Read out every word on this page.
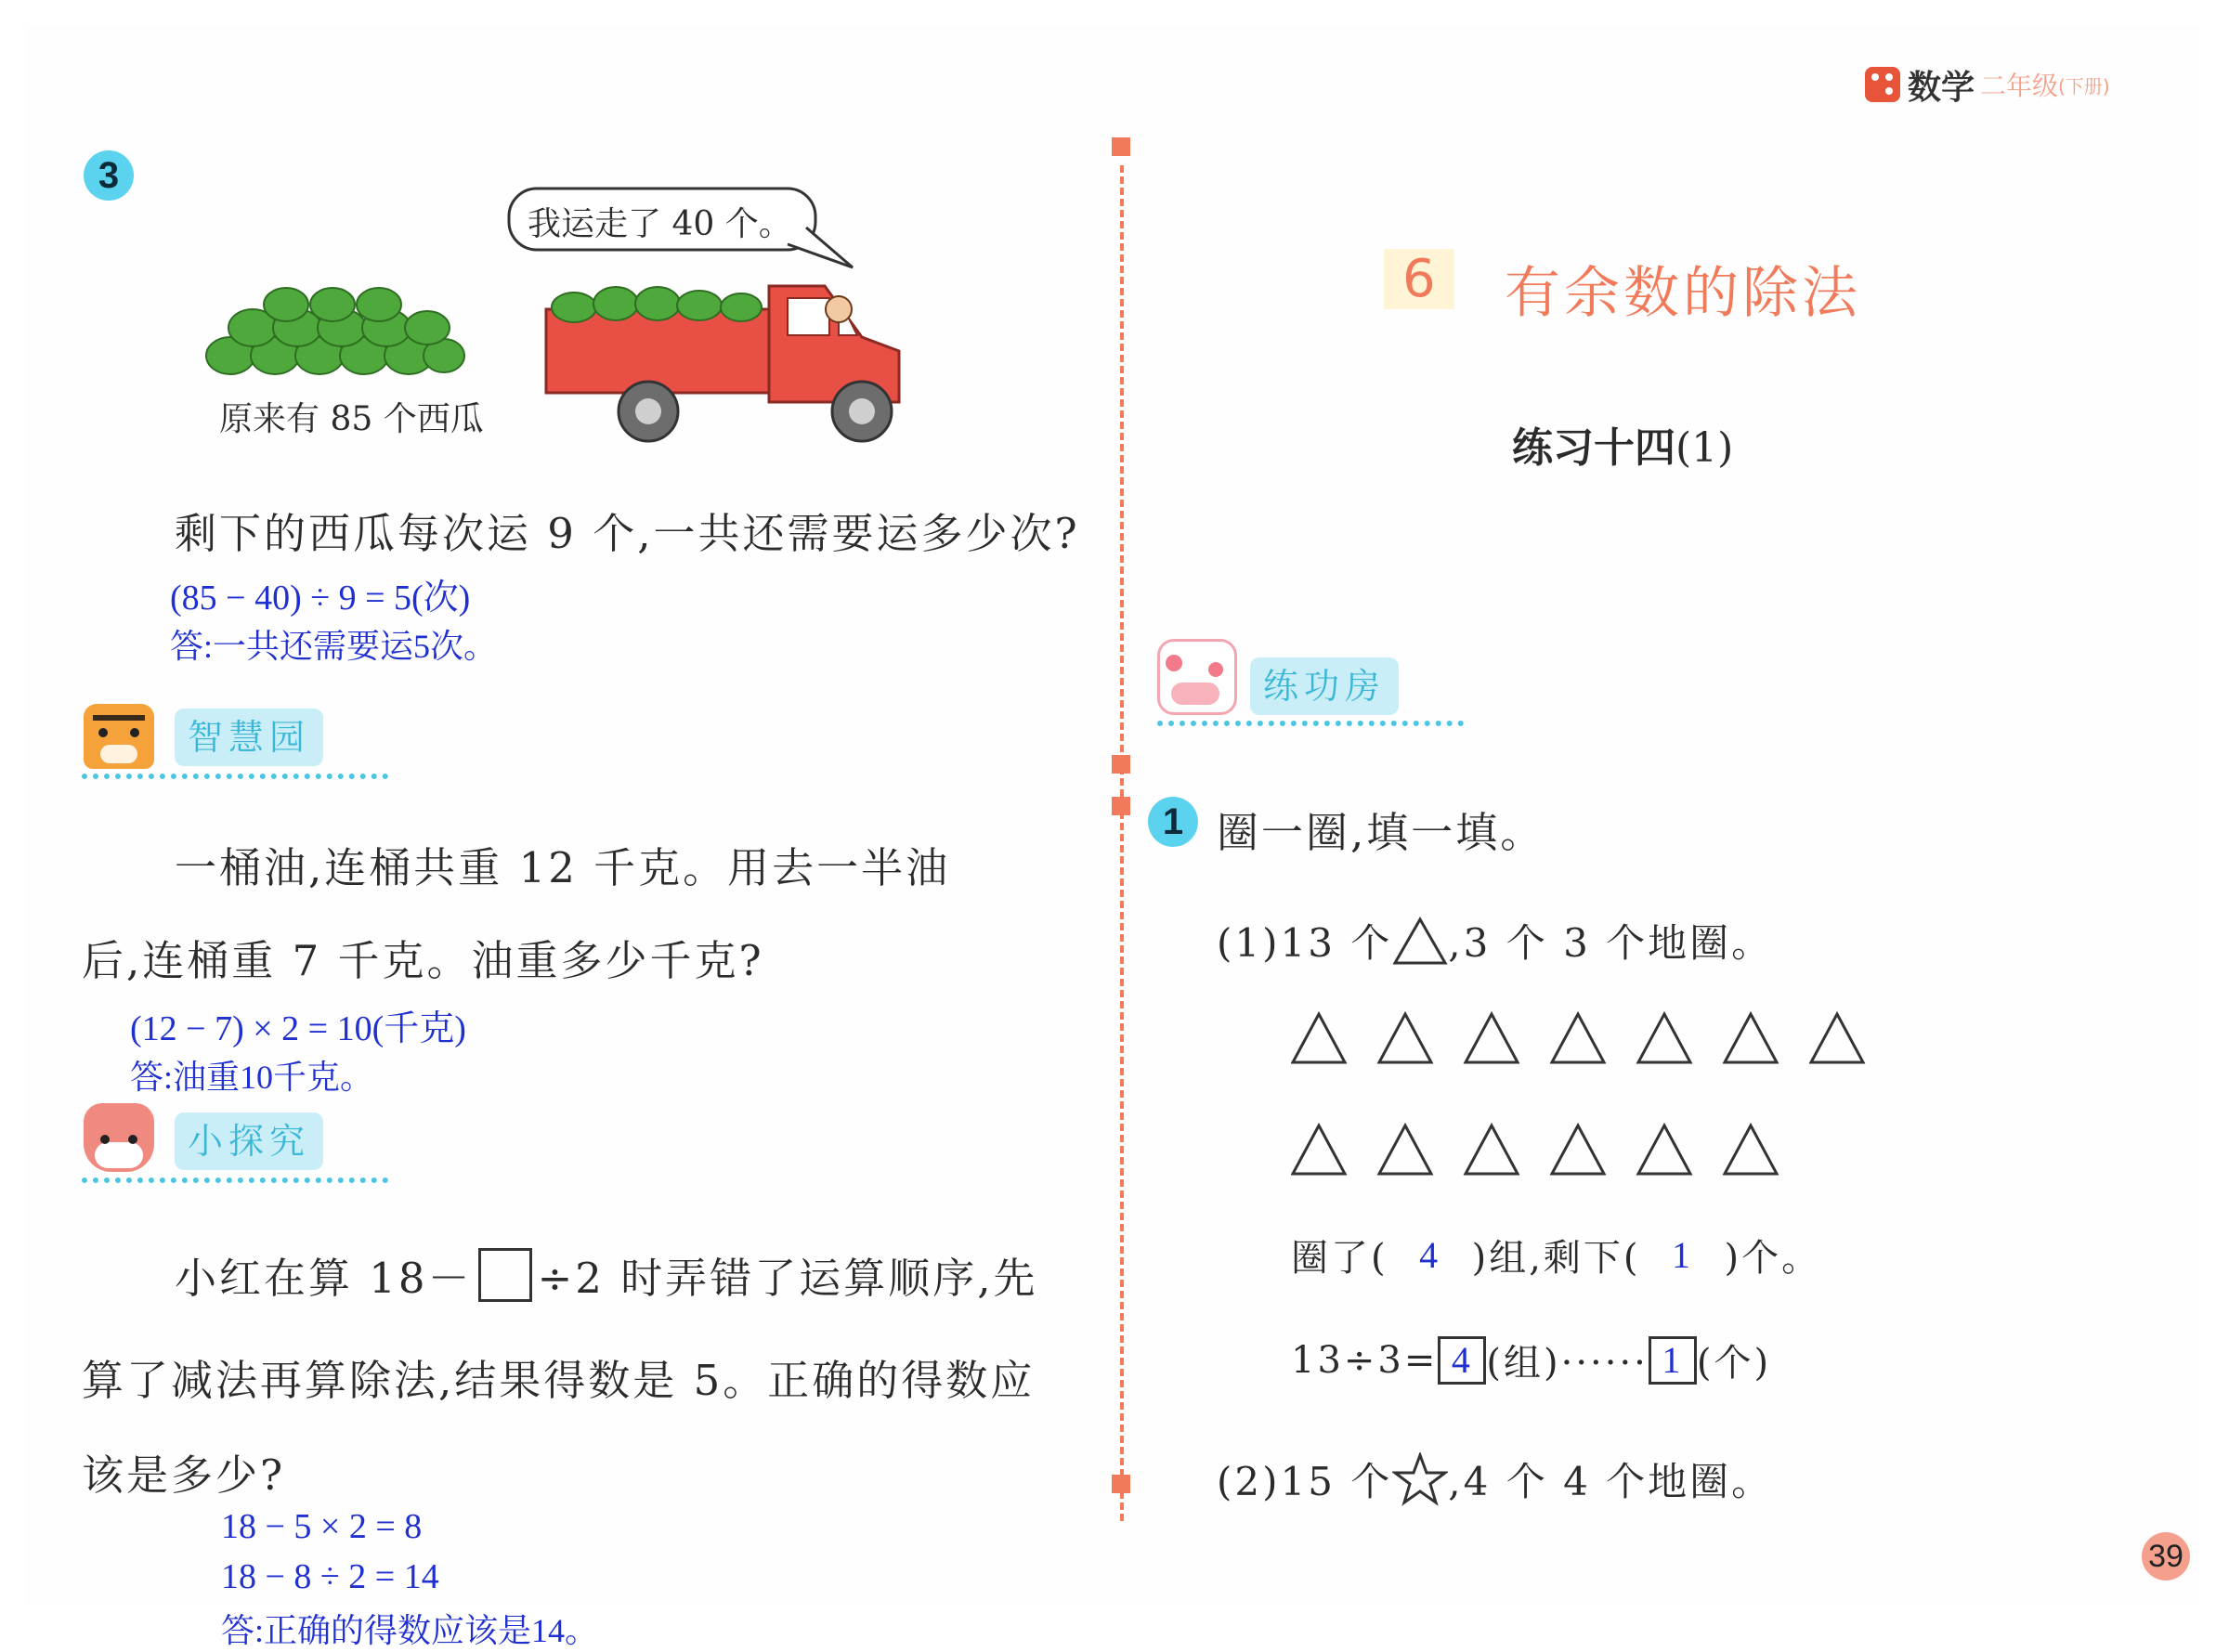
数学 二年级 (下册)
3
我运走了 40 个。
原来有 85 个西瓜
剩下的西瓜每次运 9 个,一共还需要运多少次?
(85 − 40) ÷ 9 = 5(次)
答:一共还需要运5次。
智慧园
一桶油,连桶共重 12 千克。用去一半油
后,连桶重 7 千克。油重多少千克?
(12 − 7) × 2 = 10(千克)
答:油重10千克。
小探究
小红在算 18－ ÷2 时弄错了运算顺序,先
算了减法再算除法,结果得数是 5。正确的得数应
该是多少?
18 − 5 × 2 = 8
18 − 8 ÷ 2 = 14
答:正确的得数应该是14。
6	有余数的除法
练习十四(1)
练功房
1 圈一圈,填一填。
(1)13 个 ,3 个 3 个地圈。
圈了( 4 )组,剩下( 1 )个。
13÷3= 4 (组)······ 1 (个)
(2)15 个 ,4 个 4 个地圈。
39
